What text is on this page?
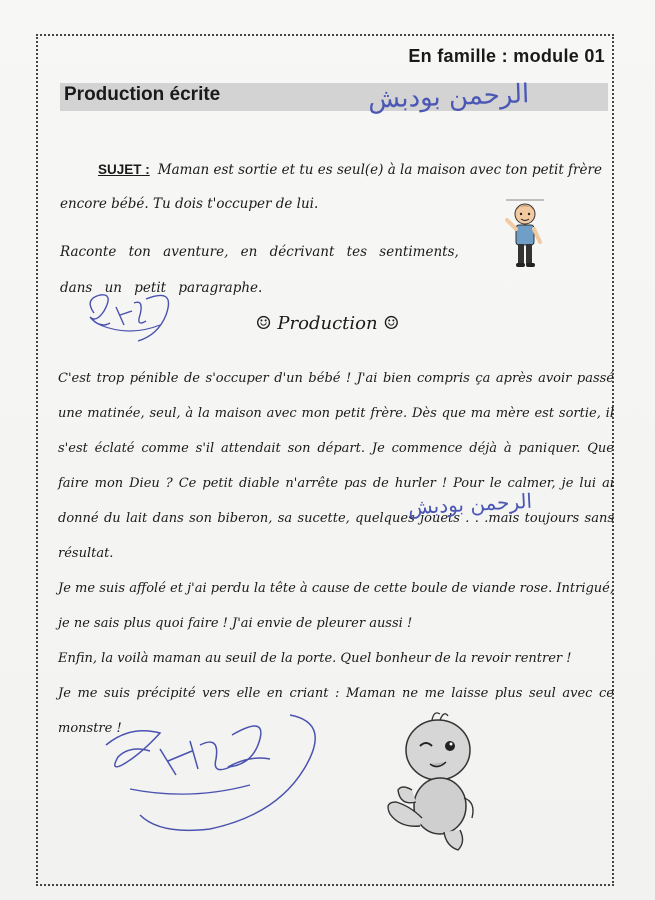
En famille : module 01
Production écrite	الرحمن بودبش
SUJET : Maman est sortie et tu es seul(e) à la maison avec ton petit frère encore bébé. Tu dois t'occuper de lui.
Raconte ton aventure, en décrivant tes sentiments, dans un petit paragraphe.
☺ Production ☺

C'est trop pénible de s'occuper d'un bébé ! J'ai bien compris ça après avoir passé une matinée, seul, à la maison avec mon petit frère. Dès que ma mère est sortie, il s'est éclaté comme s'il attendait son départ. Je commence déjà à paniquer. Que faire mon Dieu ? Ce petit diable n'arrête pas de hurler ! Pour le calmer, je lui ai donné du lait dans son biberon, sa sucette, quelques jouets . . .mais toujours sans résultat.

Je me suis affolé et j'ai perdu la tête à cause de cette boule de viande rose. Intrigué, je ne sais plus quoi faire ! J'ai envie de pleurer aussi !

Enfin, la voilà maman au seuil de la porte. Quel bonheur de la revoir rentrer !

Je me suis précipité vers elle en criant : Maman ne me laisse plus seul avec ce monstre !

الرحمن بودبش
